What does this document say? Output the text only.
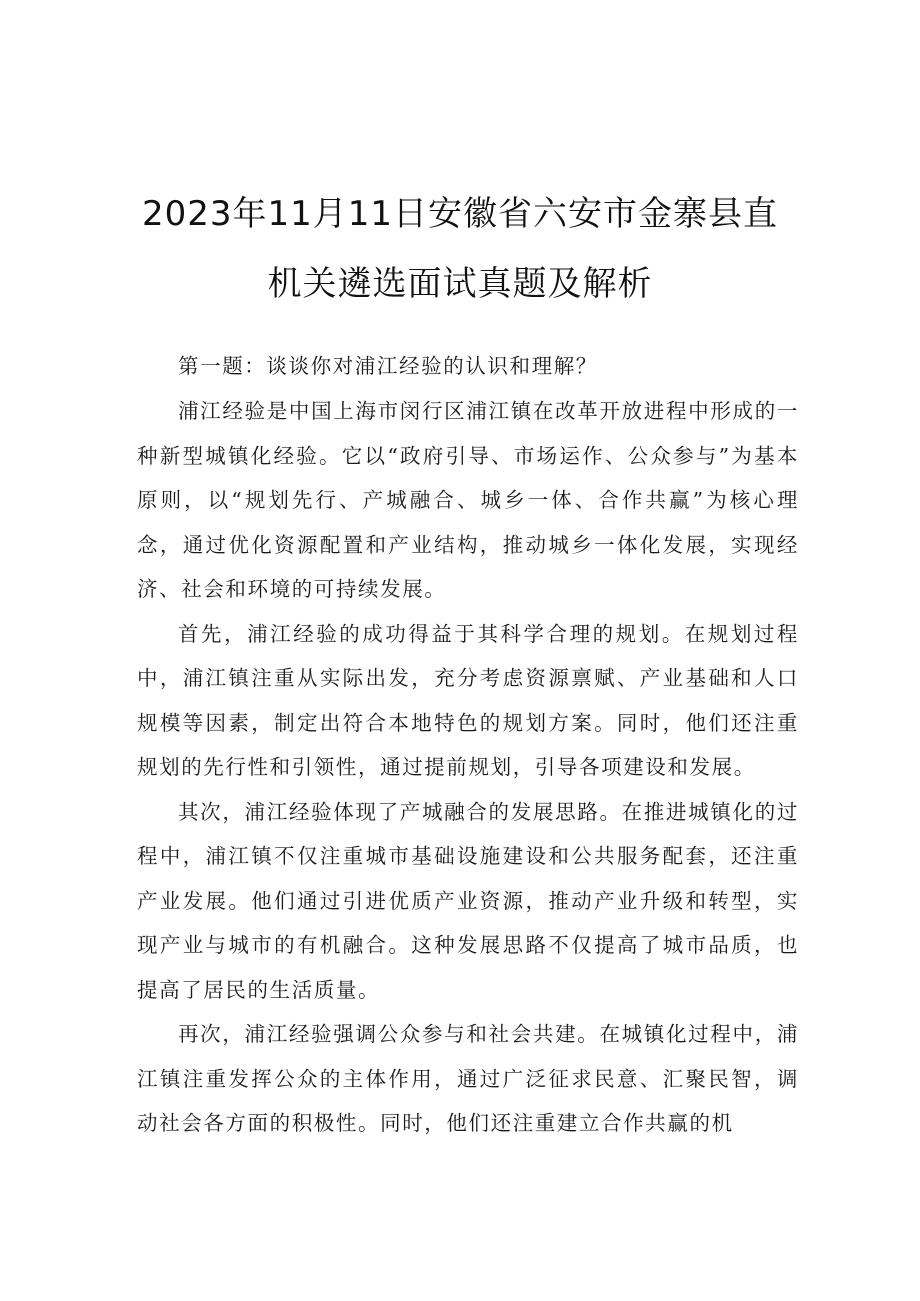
2023年11月11日安徽省六安市金寨县直
机关遴选面试真题及解析

第一题：谈谈你对浦江经验的认识和理解？

浦江经验是中国上海市闵行区浦江镇在改革开放进程中形成的一种新型城镇化经验。它以“政府引导、市场运作、公众参与”为基本原则，以“规划先行、产城融合、城乡一体、合作共赢”为核心理念，通过优化资源配置和产业结构，推动城乡一体化发展，实现经济、社会和环境的可持续发展。

首先，浦江经验的成功得益于其科学合理的规划。在规划过程中，浦江镇注重从实际出发，充分考虑资源禀赋、产业基础和人口规模等因素，制定出符合本地特色的规划方案。同时，他们还注重规划的先行性和引领性，通过提前规划，引导各项建设和发展。

其次，浦江经验体现了产城融合的发展思路。在推进城镇化的过程中，浦江镇不仅注重城市基础设施建设和公共服务配套，还注重产业发展。他们通过引进优质产业资源，推动产业升级和转型，实现产业与城市的有机融合。这种发展思路不仅提高了城市品质，也提高了居民的生活质量。

再次，浦江经验强调公众参与和社会共建。在城镇化过程中，浦江镇注重发挥公众的主体作用，通过广泛征求民意、汇聚民智，调动社会各方面的积极性。同时，他们还注重建立合作共赢的机
